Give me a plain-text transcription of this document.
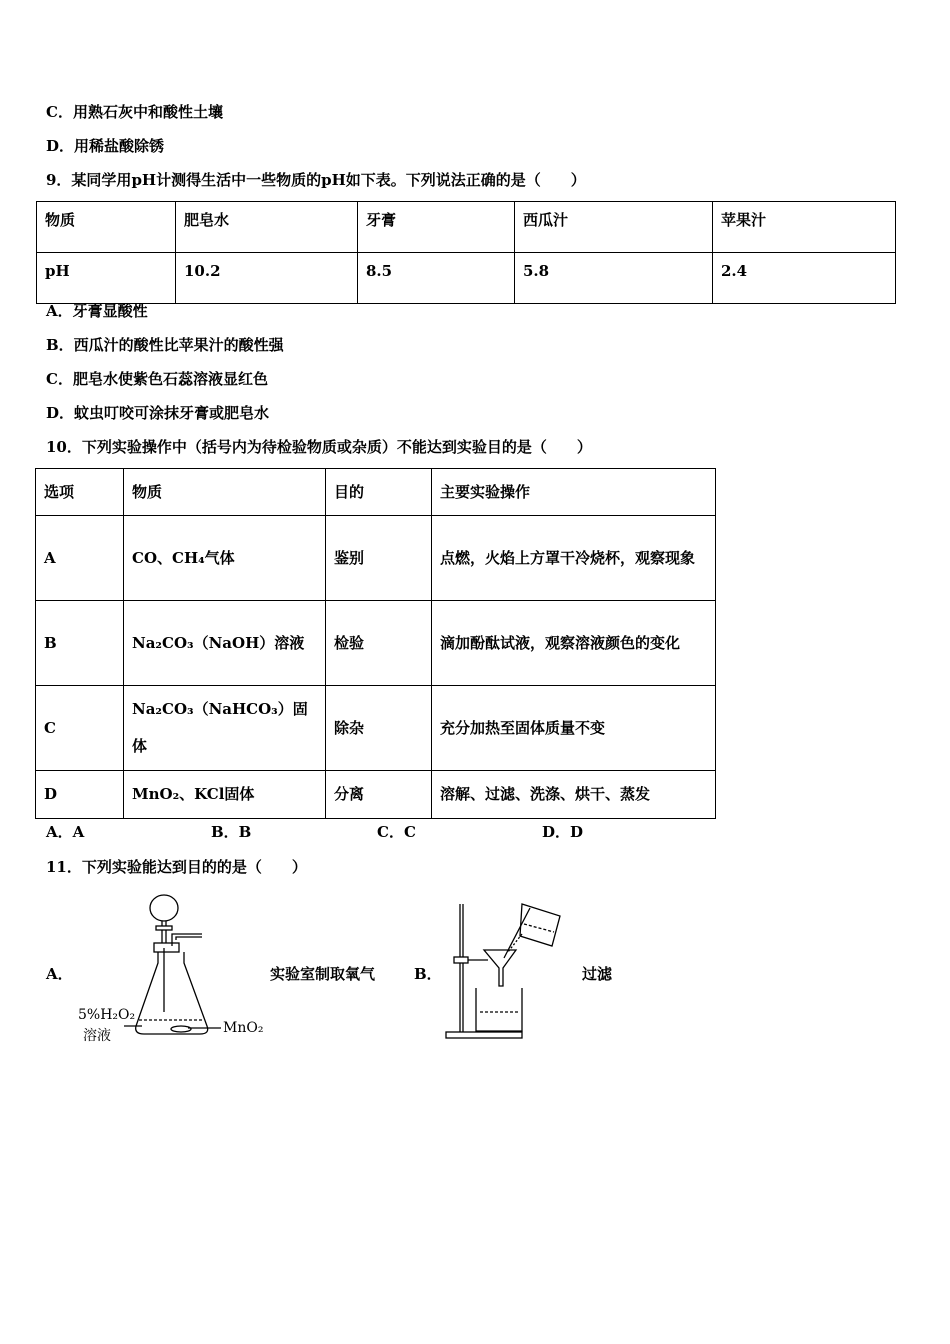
C．用熟石灰中和酸性土壤
D．用稀盐酸除锈
9．某同学用pH计测得生活中一些物质的pH如下表。下列说法正确的是（　　）
物质	肥皂水	牙膏	西瓜汁	苹果汁
pH	10.2	8.5	5.8	2.4
A．牙膏显酸性
B．西瓜汁的酸性比苹果汁的酸性强
C．肥皂水使紫色石蕊溶液显红色
D．蚊虫叮咬可涂抹牙膏或肥皂水
10．下列实验操作中（括号内为待检验物质或杂质）不能达到实验目的是（　　）
选项	物质	目的	主要实验操作
A	CO、CH₄气体	鉴别	点燃，火焰上方罩干冷烧杯，观察现象
B	Na₂CO₃（NaOH）溶液	检验	滴加酚酞试液，观察溶液颜色的变化
C	Na₂CO₃（NaHCO₃）固体	除杂	充分加热至固体质量不变
D	MnO₂、KCl固体	分离	溶解、过滤、洗涤、烘干、蒸发
A．A	B．B	C．C	D．D
11．下列实验能达到目的的是（　　）
A．
5%H₂O₂
溶液	MnO₂
实验室制取氧气	B．	过滤
